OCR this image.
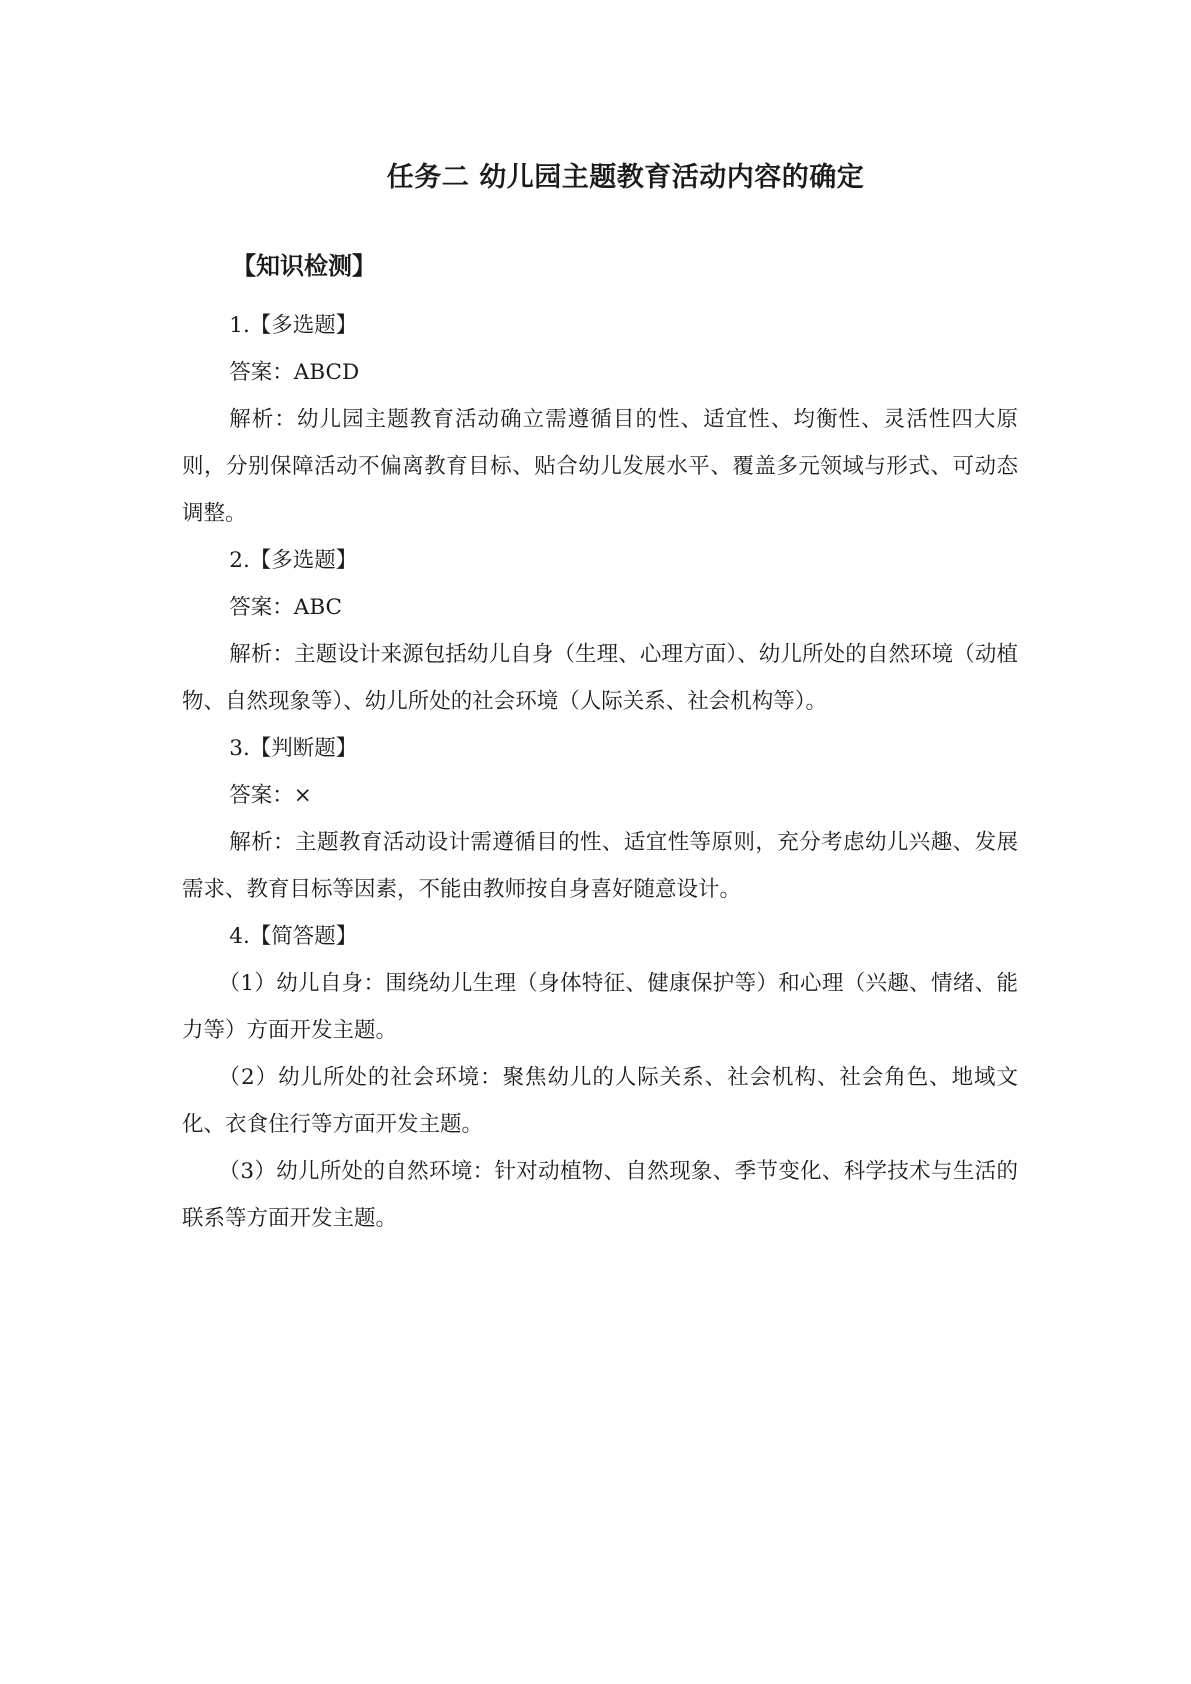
任务二 幼儿园主题教育活动内容的确定
【知识检测】

1.【多选题】

答案：ABCD

解析：幼儿园主题教育活动确立需遵循目的性、适宜性、均衡性、灵活性四大原则，分别保障活动不偏离教育目标、贴合幼儿发展水平、覆盖多元领域与形式、可动态调整。

2.【多选题】

答案：ABC

解析：主题设计来源包括幼儿自身（生理、心理方面）、幼儿所处的自然环境（动植物、自然现象等）、幼儿所处的社会环境（人际关系、社会机构等）。

3.【判断题】

答案：×

解析：主题教育活动设计需遵循目的性、适宜性等原则，充分考虑幼儿兴趣、发展需求、教育目标等因素，不能由教师按自身喜好随意设计。

4.【简答题】

（1）幼儿自身：围绕幼儿生理（身体特征、健康保护等）和心理（兴趣、情绪、能力等）方面开发主题。

（2）幼儿所处的社会环境：聚焦幼儿的人际关系、社会机构、社会角色、地域文化、衣食住行等方面开发主题。

（3）幼儿所处的自然环境：针对动植物、自然现象、季节变化、科学技术与生活的联系等方面开发主题。
